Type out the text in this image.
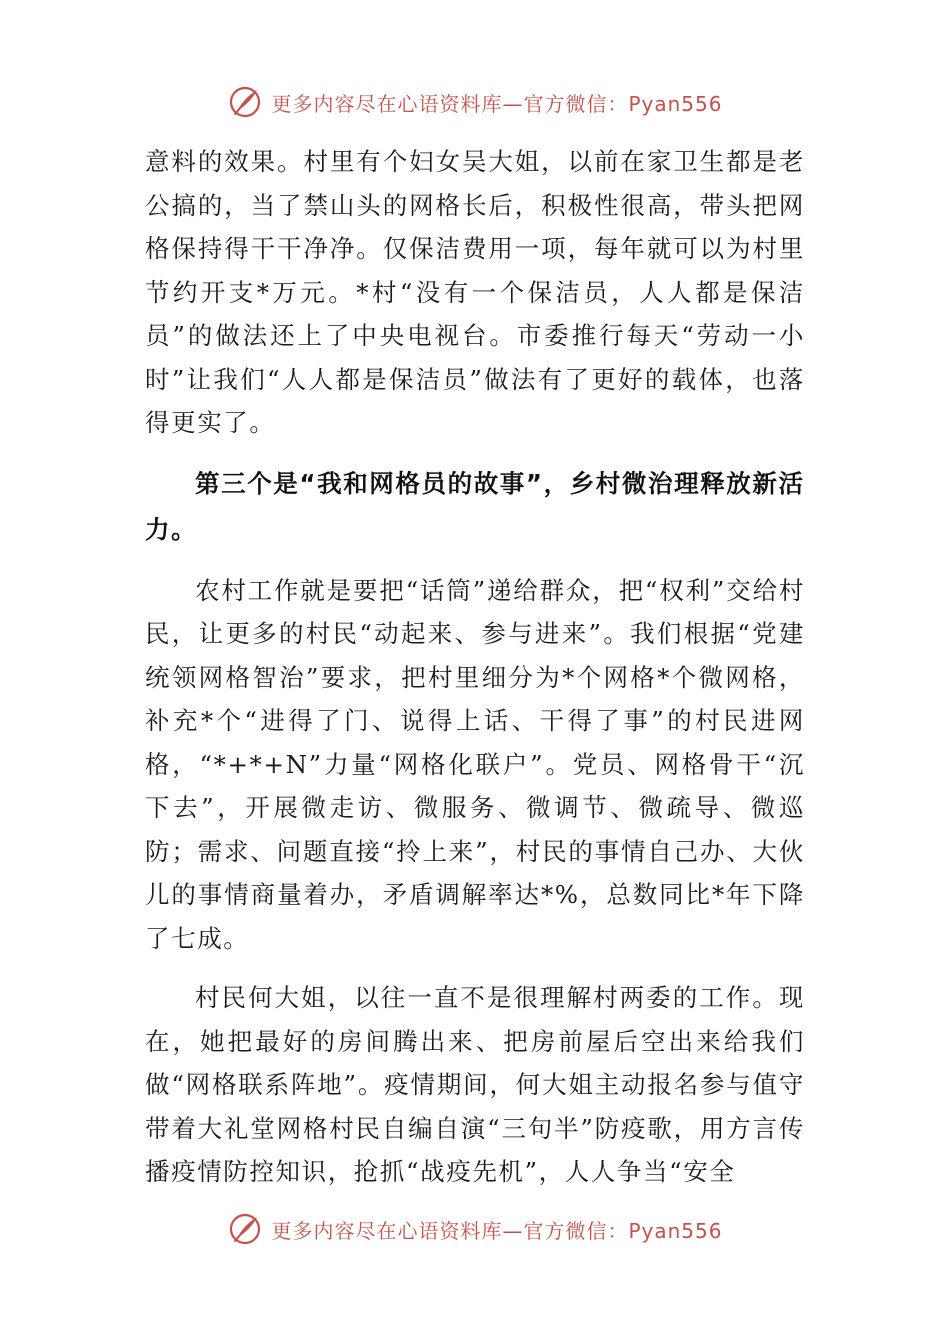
更多内容尽在心语资料库—官方微信：Pyan556

意料的效果。村里有个妇女吴大姐，以前在家卫生都是老公搞的，当了禁山头的网格长后，积极性很高，带头把网格保持得干干净净。仅保洁费用一项，每年就可以为村里节约开支*万元。*村“没有一个保洁员，人人都是保洁员”的做法还上了中央电视台。市委推行每天“劳动一小时”让我们“人人都是保洁员”做法有了更好的载体，也落得更实了。

第三个是“我和网格员的故事”，乡村微治理释放新活力。

农村工作就是要把“话筒”递给群众，把“权利”交给村民，让更多的村民“动起来、参与进来”。我们根据“党建统领网格智治”要求，把村里细分为*个网格*个微网格，补充*个“进得了门、说得上话、干得了事”的村民进网格，“*+*+N”力量“网格化联户”。党员、网格骨干“沉下去”，开展微走访、微服务、微调节、微疏导、微巡防；需求、问题直接“拎上来”，村民的事情自己办、大伙儿的事情商量着办，矛盾调解率达*%，总数同比*年下降了七成。

村民何大姐，以往一直不是很理解村两委的工作。现在，她把最好的房间腾出来、把房前屋后空出来给我们做“网格联系阵地”。疫情期间，何大姐主动报名参与值守带着大礼堂网格村民自编自演“三句半”防疫歌，用方言传播疫情防控知识，抢抓“战疫先机”，人人争当“安全

更多内容尽在心语资料库—官方微信：Pyan556
